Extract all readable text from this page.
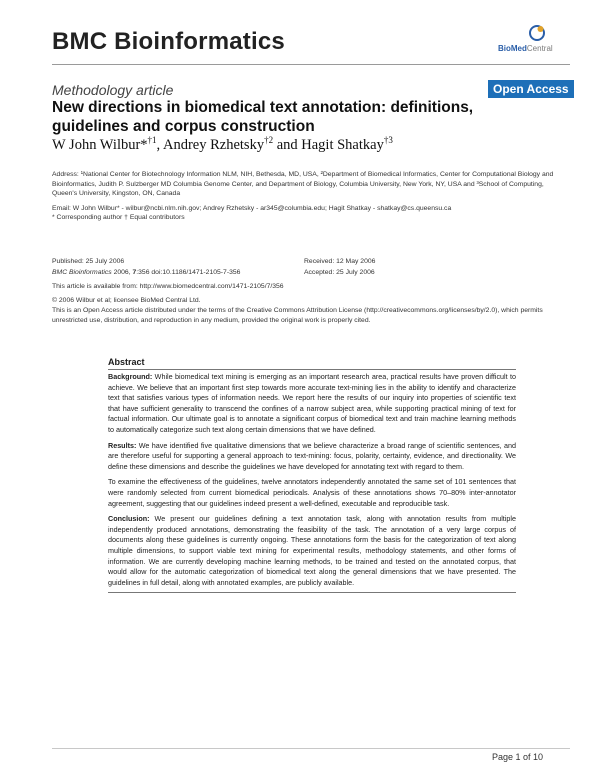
BMC Bioinformatics	BioMedCentral
Methodology article	Open Access
New directions in biomedical text annotation: definitions, guidelines and corpus construction
W John Wilbur*$^{\dagger 1}$, Andrey Rzhetsky$^{\dagger 2}$ and Hagit Shatkay$^{\dagger 3}$
Address: ¹National Center for Biotechnology Information NLM, NIH, Bethesda, MD, USA, ²Department of Biomedical Informatics, Center for Computational Biology and Bioinformatics, Judith P. Sulzberger MD Columbia Genome Center, and Department of Biology, Columbia University, New York, NY, USA and ³School of Computing, Queen's University, Kingston, ON, Canada
Email: W John Wilbur* - wilbur@ncbi.nlm.nih.gov; Andrey Rzhetsky - ar345@columbia.edu; Hagit Shatkay - shatkay@cs.queensu.ca
* Corresponding author † Equal contributors
Published: 25 July 2006
BMC Bioinformatics 2006, 7:356 doi:10.1186/1471-2105-7-356
Received: 12 May 2006
Accepted: 25 July 2006
This article is available from: http://www.biomedcentral.com/1471-2105/7/356
© 2006 Wilbur et al; licensee BioMed Central Ltd.
This is an Open Access article distributed under the terms of the Creative Commons Attribution License (http://creativecommons.org/licenses/by/2.0), which permits unrestricted use, distribution, and reproduction in any medium, provided the original work is properly cited.
Abstract
Background: While biomedical text mining is emerging as an important research area, practical results have proven difficult to achieve. We believe that an important first step towards more accurate text-mining lies in the ability to identify and characterize text that satisfies various types of information needs. We report here the results of our inquiry into properties of scientific text that have sufficient generality to transcend the confines of a narrow subject area, while supporting practical mining of text for factual information. Our ultimate goal is to annotate a significant corpus of biomedical text and train machine learning methods to automatically categorize such text along certain dimensions that we have defined.
Results: We have identified five qualitative dimensions that we believe characterize a broad range of scientific sentences, and are therefore useful for supporting a general approach to text-mining: focus, polarity, certainty, evidence, and directionality. We define these dimensions and describe the guidelines we have developed for annotating text with regard to them.
To examine the effectiveness of the guidelines, twelve annotators independently annotated the same set of 101 sentences that were randomly selected from current biomedical periodicals. Analysis of these annotations shows 70–80% inter-annotator agreement, suggesting that our guidelines indeed present a well-defined, executable and reproducible task.
Conclusion: We present our guidelines defining a text annotation task, along with annotation results from multiple independently produced annotations, demonstrating the feasibility of the task. The annotation of a very large corpus of documents along these guidelines is currently ongoing. These annotations form the basis for the categorization of text along multiple dimensions, to support viable text mining for experimental results, methodology statements, and other forms of information. We are currently developing machine learning methods, to be trained and tested on the annotated corpus, that would allow for the automatic categorization of biomedical text along the general dimensions that we have presented. The guidelines in full detail, along with annotated examples, are publicly available.
Page 1 of 10
